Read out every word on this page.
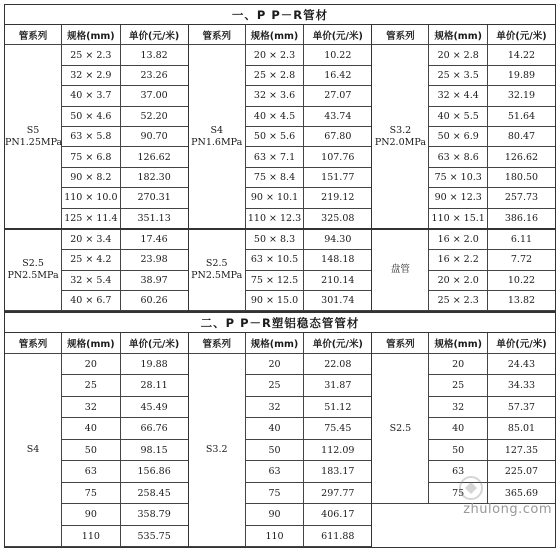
一、P P－R管材
管系列	规格(mm)	单价(元/米)
S5
PN1.25MPa	25 × 2.3	13.82
	32 × 2.9	23.26
	40 × 3.7	37.00
	50 × 4.6	52.20
	63 × 5.8	90.70
	75 × 6.8	126.62
	90 × 8.2	182.30
	110 × 10.0	270.31
	125 × 11.4	351.13
S2.5
PN2.5MPa	20 × 3.4	17.46
	25 × 4.2	23.98
	32 × 5.4	38.97
	40 × 6.7	60.26
管系列	规格(mm)	单价(元/米)
S4
PN1.6MPa	20 × 2.3	10.22
	25 × 2.8	16.42
	32 × 3.6	27.07
	40 × 4.5	43.74
	50 × 5.6	67.80
	63 × 7.1	107.76
	75 × 8.4	151.77
	90 × 10.1	219.12
	110 × 12.3	325.08
S2.5
PN2.5MPa	50 × 8.3	94.30
	63 × 10.5	148.18
	75 × 12.5	210.14
	90 × 15.0	301.74
管系列	规格(mm)	单价(元/米)
S3.2
PN2.0MPa	20 × 2.8	14.22
	25 × 3.5	19.89
	32 × 4.4	32.19
	40 × 5.5	51.64
	50 × 6.9	80.47
	63 × 8.6	126.62
	75 × 10.3	180.50
	90 × 12.3	257.73
	110 × 15.1	386.16
盘管	16 × 2.0	6.11
	16 × 2.2	7.72
	20 × 2.0	10.22
	25 × 2.3	13.82
二、P P－R塑铝稳态管管材
管系列	规格(mm)	单价(元/米)
S4	20	19.88
	25	28.11
	32	45.49
	40	66.76
	50	98.15
	63	156.86
	75	258.45
	90	358.79
	110	535.75
管系列	规格(mm)	单价(元/米)
S3.2	20	22.08
	25	31.87
	32	51.12
	40	75.45
	50	112.09
	63	183.17
	75	297.77
	90	406.17
	110	611.88
管系列	规格(mm)	单价(元/米)
S2.5	20	24.43
	25	34.33
	32	57.37
	40	85.01
	50	127.35
	63	225.07
	75	365.69
zhulong.com
